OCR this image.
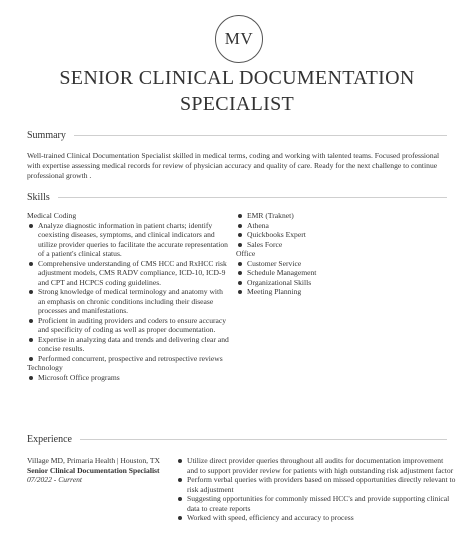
MV
SENIOR CLINICAL DOCUMENTATION
SPECIALIST
Summary
Well-trained Clinical Documentation Specialist skilled in medical terms, coding and working with talented teams. Focused professional with expertise assessing medical records for review of physician accuracy and quality of care. Ready for the next challenge to continue professional growth .
Skills
Medical Coding
Analyze diagnostic information in patient charts; identify coexisting diseases, symptoms, and clinical indicators and utilize provider queries to facilitate the accurate representation of a patient's clinical status.
Comprehensive understanding of CMS HCC and RxHCC risk adjustment models, CMS RADV compliance, ICD-10, ICD-9 and CPT and HCPCS coding guidelines.
Strong knowledge of medical terminology and anatomy with an emphasis on chronic conditions including their disease processes and manifestations.
Proficient in auditing providers and coders to ensure accuracy and specificity of coding as well as proper documentation.
Expertise in analyzing data and trends and delivering clear and concise results.
Performed concurrent, prospective and retrospective reviews
Technology
Microsoft Office programs
EMR (Traknet)
Athena
Quickbooks Expert
Sales Force
Office
Customer Service
Schedule Management
Organizational Skills
Meeting Planning
Experience
Village MD, Primaria Health | Houston, TX
Senior Clinical Documentation Specialist
07/2022 - Current
Utilize direct provider queries throughout all audits for documentation improvement and to support provider review for patients with high outstanding risk adjustment factor
Perform verbal queries with providers based on missed opportunities directly relevant to risk adjustment
Suggesting opportunities for commonly missed HCC's and provide supporting clinical data to create reports
Worked with speed, efficiency and accuracy to process
